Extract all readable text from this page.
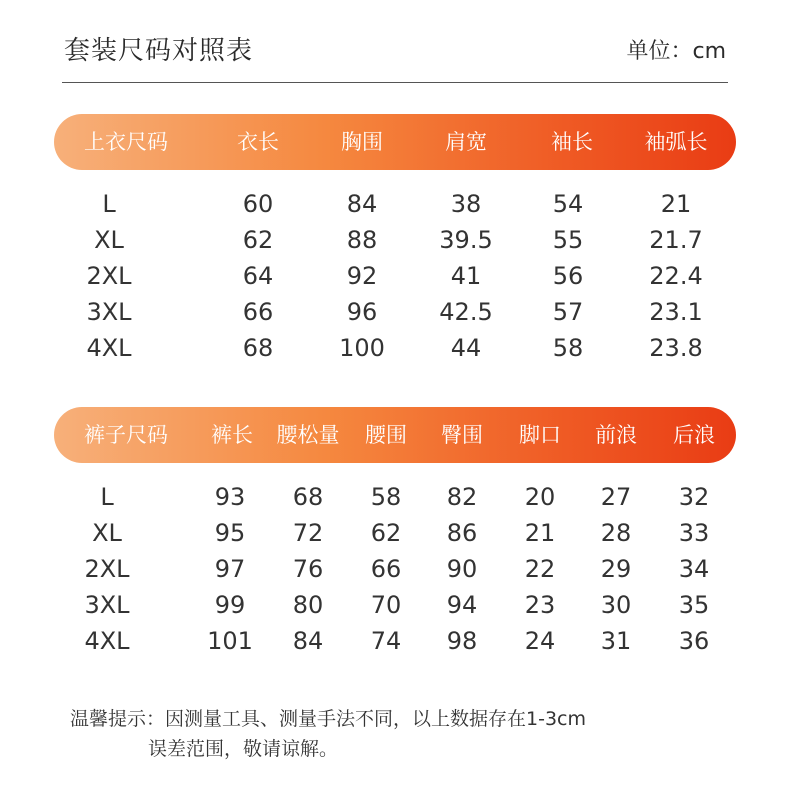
套装尺码对照表	单位：cm
上衣尺码	衣长	胸围	肩宽	袖长	袖弧长
L	60	84	38	54	21
XL	62	88	39.5	55	21.7
2XL	64	92	41	56	22.4
3XL	66	96	42.5	57	23.1
4XL	68	100	44	58	23.8
裤子尺码	裤长	腰松量	腰围	臀围	脚口	前浪	后浪
L	93	68	58	82	20	27	32
XL	95	72	62	86	21	28	33
2XL	97	76	66	90	22	29	34
3XL	99	80	70	94	23	30	35
4XL	101	84	74	98	24	31	36
温馨提示：因测量工具、测量手法不同，以上数据存在1-3cm
误差范围，敬请谅解。
